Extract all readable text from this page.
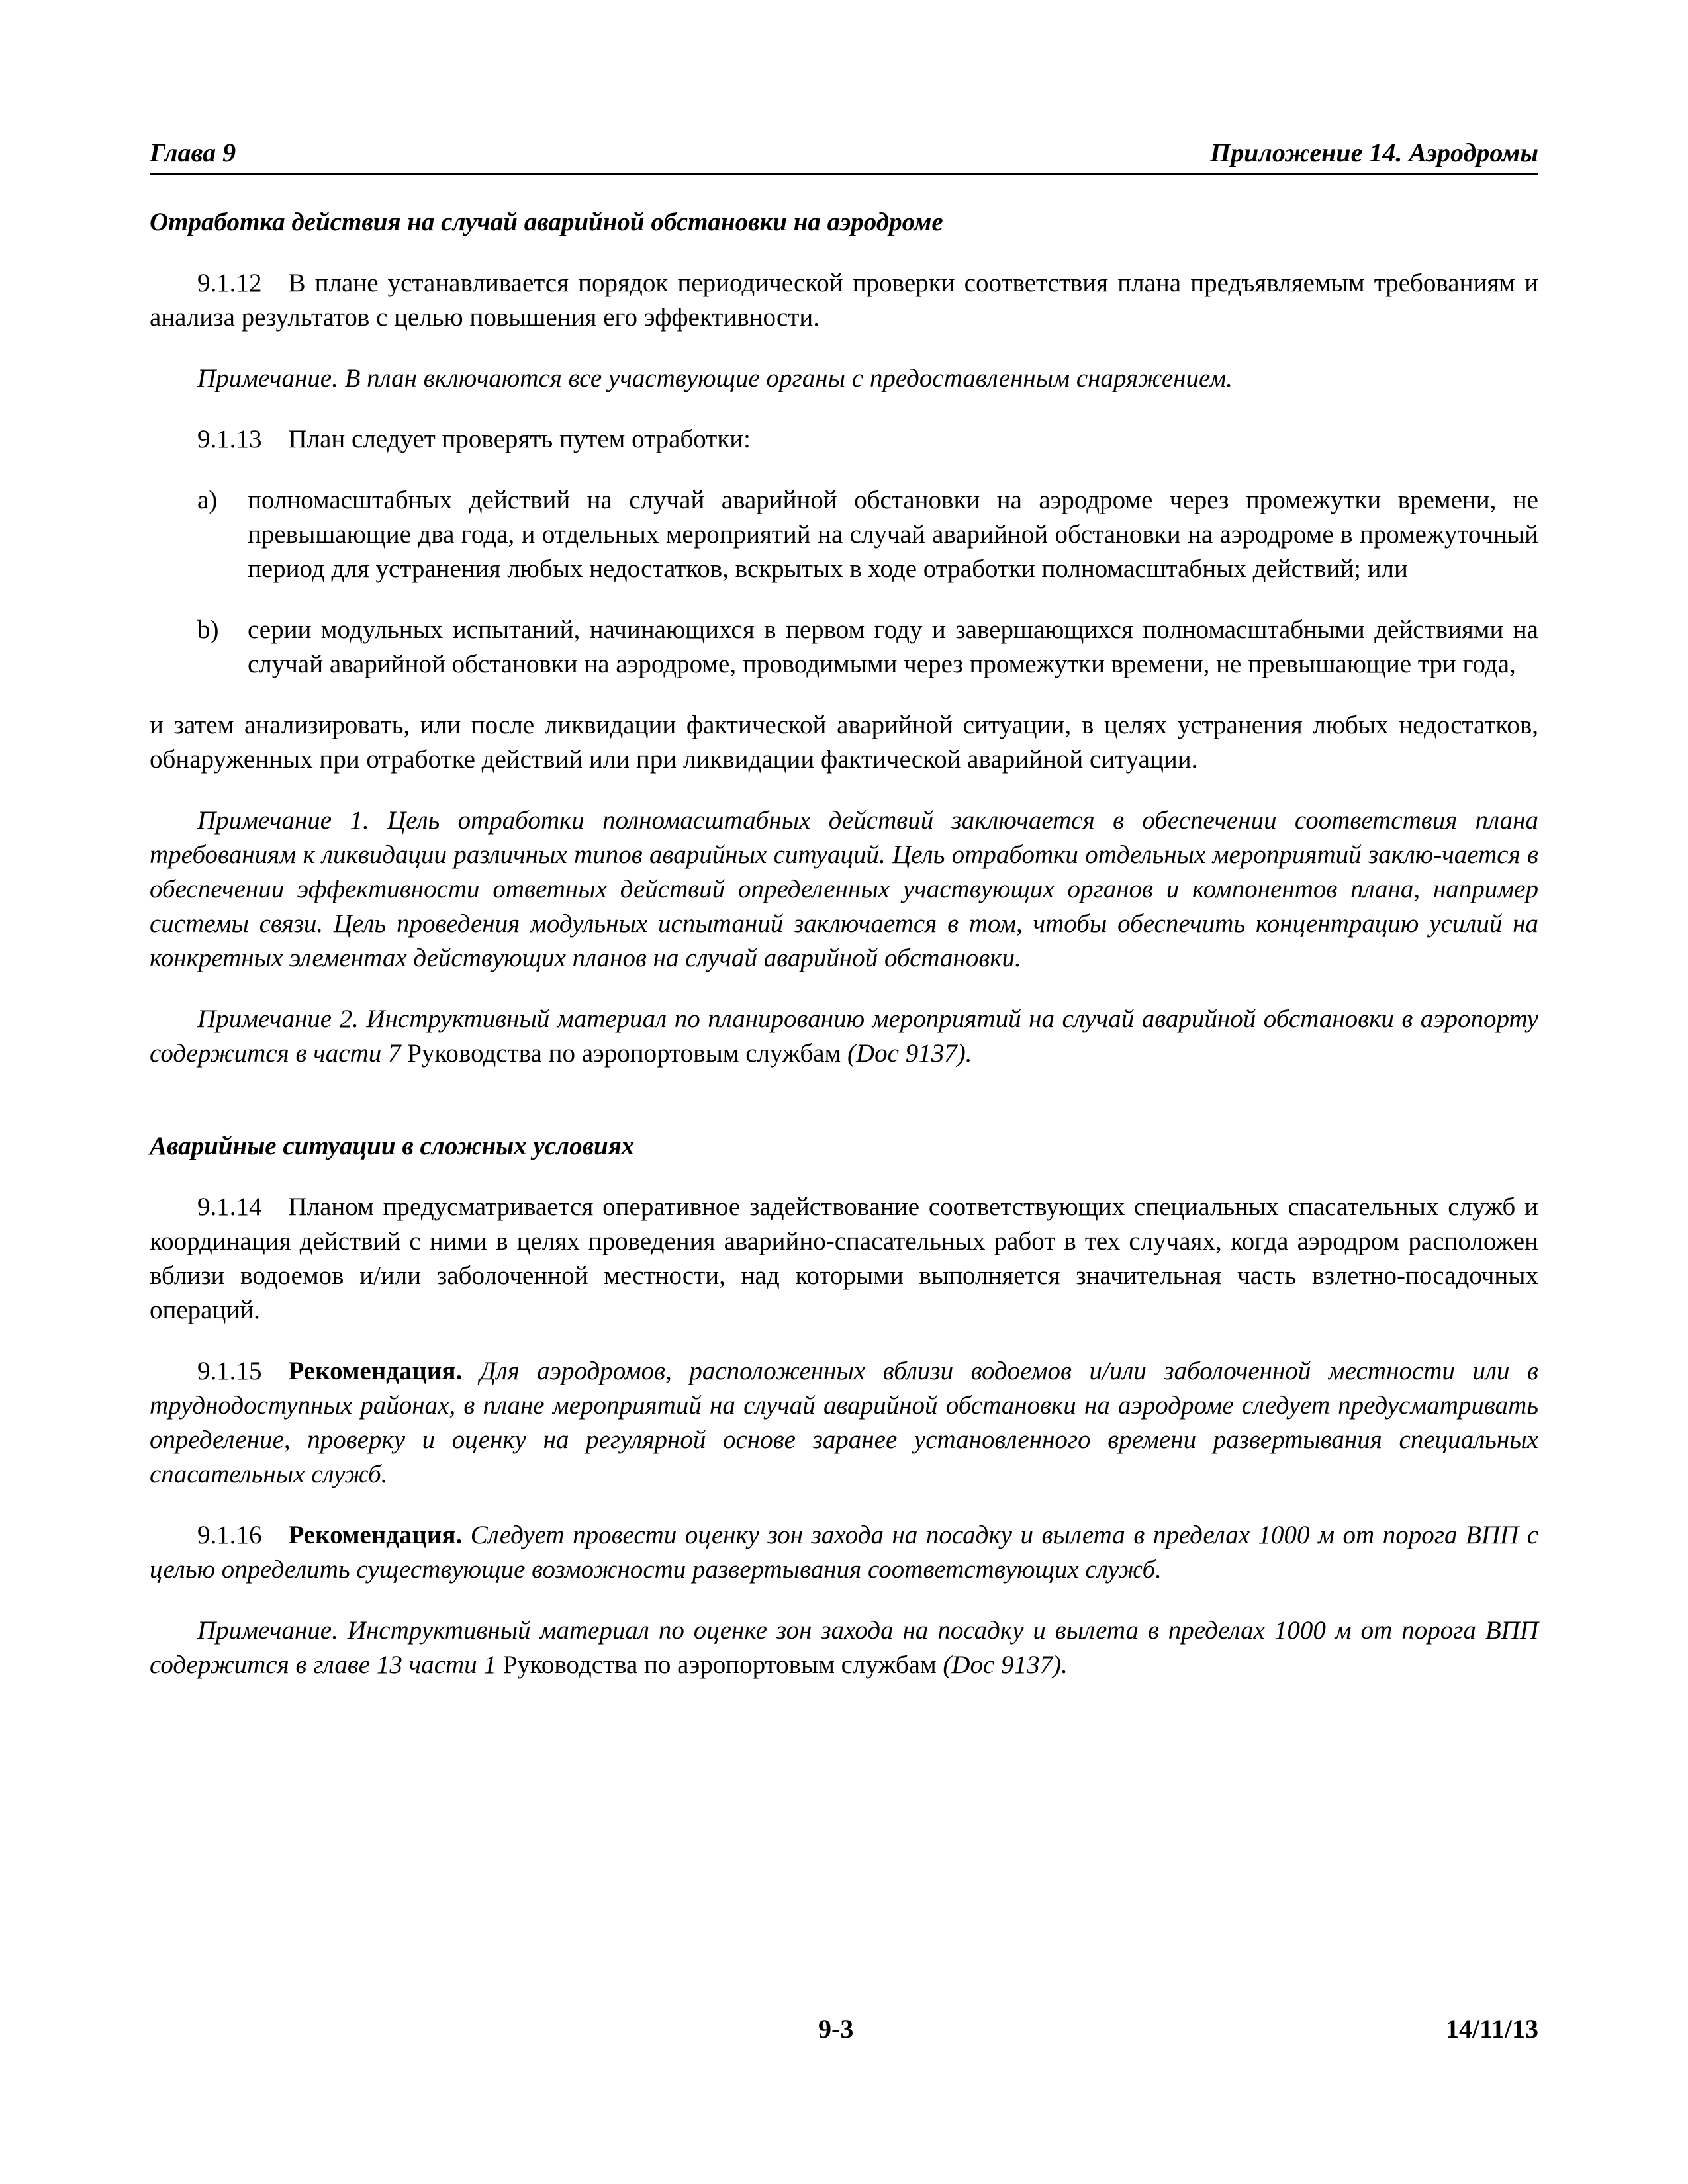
Глава 9	Приложение 14. Аэродромы

Отработка действия на случай аварийной обстановки на аэродроме

9.1.12 В плане устанавливается порядок периодической проверки соответствия плана предъявляемым требованиям и анализа результатов с целью повышения его эффективности.

Примечание. В план включаются все участвующие органы с предоставленным снаряжением.

9.1.13 План следует проверять путем отработки:

a)	полномасштабных действий на случай аварийной обстановки на аэродроме через промежутки времени, не превышающие два года, и отдельных мероприятий на случай аварийной обстановки на аэродроме в промежуточный период для устранения любых недостатков, вскрытых в ходе отработки полномасштабных действий; или
b)	серии модульных испытаний, начинающихся в первом году и завершающихся полномасштабными действиями на случай аварийной обстановки на аэродроме, проводимыми через промежутки времени, не превышающие три года,

и затем анализировать, или после ликвидации фактической аварийной ситуации, в целях устранения любых недостатков, обнаруженных при отработке действий или при ликвидации фактической аварийной ситуации.

Примечание 1. Цель отработки полномасштабных действий заключается в обеспечении соответствия плана требованиям к ликвидации различных типов аварийных ситуаций. Цель отработки отдельных мероприятий заклю-чается в обеспечении эффективности ответных действий определенных участвующих органов и компонентов плана, например системы связи. Цель проведения модульных испытаний заключается в том, чтобы обеспечить концентрацию усилий на конкретных элементах действующих планов на случай аварийной обстановки.

Примечание 2. Инструктивный материал по планированию мероприятий на случай аварийной обстановки в аэропорту содержится в части 7 Руководства по аэропортовым службам (Doc 9137).

Аварийные ситуации в сложных условиях

9.1.14 Планом предусматривается оперативное задействование соответствующих специальных спасательных служб и координация действий с ними в целях проведения аварийно-спасательных работ в тех случаях, когда аэродром расположен вблизи водоемов и/или заболоченной местности, над которыми выполняется значительная часть взлетно-посадочных операций.

9.1.15 Рекомендация. Для аэродромов, расположенных вблизи водоемов и/или заболоченной местности или в труднодоступных районах, в плане мероприятий на случай аварийной обстановки на аэродроме следует предусматривать определение, проверку и оценку на регулярной основе заранее установленного времени развертывания специальных спасательных служб.

9.1.16 Рекомендация. Следует провести оценку зон захода на посадку и вылета в пределах 1000 м от порога ВПП с целью определить существующие возможности развертывания соответствующих служб.

Примечание. Инструктивный материал по оценке зон захода на посадку и вылета в пределах 1000 м от порога ВПП содержится в главе 13 части 1 Руководства по аэропортовым службам (Doc 9137).

9-3	14/11/13
